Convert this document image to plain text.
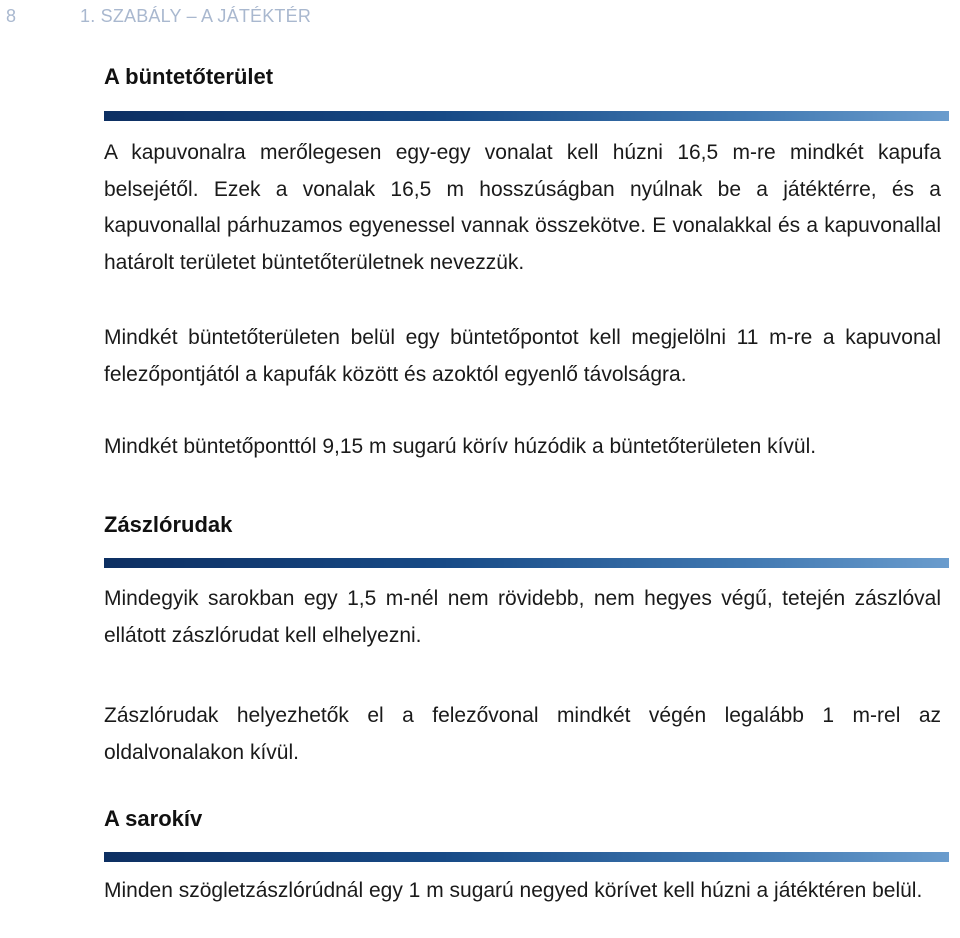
8	1. SZABÁLY – A JÁTÉKTÉR
A büntetőterület

A kapuvonalra merőlegesen egy-egy vonalat kell húzni 16,5 m-re mindkét kapufa belsejétől. Ezek a vonalak 16,5 m hosszúságban nyúlnak be a játéktérre, és a kapuvonallal párhuzamos egyenessel vannak összekötve. E vonalakkal és a kapuvonallal határolt területet büntetőterületnek nevezzük.

Mindkét büntetőterületen belül egy büntetőpontot kell megjelölni 11 m-re a kapuvonal felezőpontjától a kapufák között és azoktól egyenlő távolságra.

Mindkét büntetőponttól 9,15 m sugarú körív húzódik a büntetőterületen kívül.

Zászlórudak

Mindegyik sarokban egy 1,5 m-nél nem rövidebb, nem hegyes végű, tetején zászlóval ellátott zászlórudat kell elhelyezni.

Zászlórudak helyezhetők el a felezővonal mindkét végén legalább 1 m-rel az oldalvonalakon kívül.

A sarokív

Minden szögletzászlórúdnál egy 1 m sugarú negyed körívet kell húzni a játéktéren belül.
